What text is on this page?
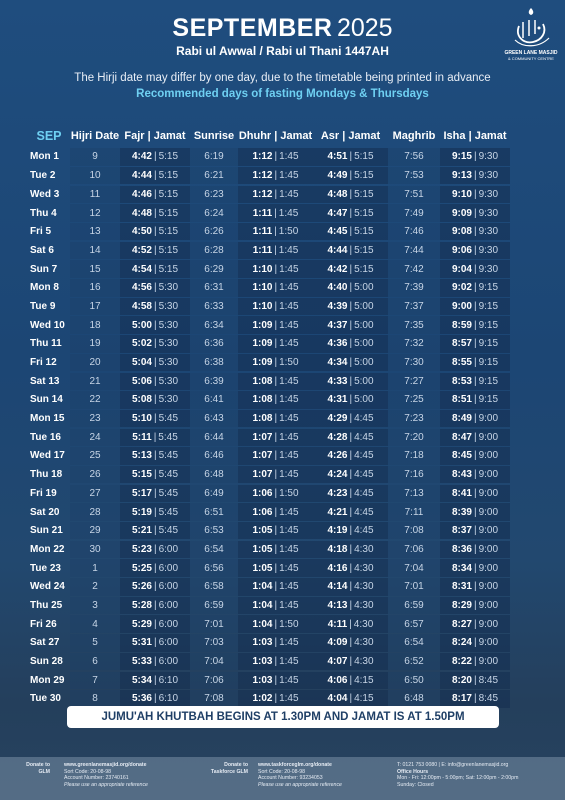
SEPTEMBER 2025
Rabi ul Awwal / Rabi ul Thani 1447AH	GREEN LANE MASJID
& COMMUNITY CENTRE
The Hirji date may differ by one day, due to the timetable being printed in advance
Recommended days of fasting Mondays & Thursdays
SEP Hijri Date Fajr | Jamat Sunrise Dhuhr | Jamat Asr | Jamat	Maghrib Isha | Jamat
Mon 1	9	4:42 | 5:15	6:19	1:12 | 1:45	4:51 | 5:15	7:56	9:15 | 9:30
Tue 2	10	4:44 | 5:15	6:21	1:12 | 1:45	4:49 | 5:15	7:53	9:13 | 9:30
Wed 3	11	4:46 | 5:15	6:23	1:12 | 1:45	4:48 | 5:15	7:51	9:10 | 9:30
Thu 4	12	4:48 | 5:15	6:24	1:11 | 1:45	4:47 | 5:15	7:49	9:09 | 9:30
Fri 5	13	4:50 | 5:15	6:26	1:11 | 1:50	4:45 | 5:15	7:46	9:08 | 9:30
Sat 6	14	4:52 | 5:15	6:28	1:11 | 1:45	4:44 | 5:15	7:44	9:06 | 9:30
Sun 7	15	4:54 | 5:15	6:29	1:10 | 1:45	4:42 | 5:15	7:42	9:04 | 9:30
Mon 8	16	4:56 | 5:30	6:31	1:10 | 1:45	4:40 | 5:00	7:39	9:02 | 9:15
Tue 9	17	4:58 | 5:30	6:33	1:10 | 1:45	4:39 | 5:00	7:37	9:00 | 9:15
Wed 10 18	5:00 | 5:30	6:34	1:09 | 1:45	4:37 | 5:00	7:35	8:59 | 9:15
Thu 11	19	5:02 | 5:30	6:36	1:09 | 1:45	4:36 | 5:00	7:32	8:57 | 9:15
Fri 12	20	5:04 | 5:30	6:38	1:09 | 1:50	4:34 | 5:00	7:30	8:55 | 9:15
Sat 13	21	5:06 | 5:30	6:39	1:08 | 1:45	4:33 | 5:00	7:27	8:53 | 9:15
Sun 14	22	5:08 | 5:30	6:41	1:08 | 1:45	4:31 | 5:00	7:25	8:51 | 9:15
Mon 15 23	5:10 | 5:45	6:43	1:08 | 1:45	4:29 | 4:45	7:23	8:49 | 9:00
Tue 16	24	5:11 | 5:45	6:44	1:07 | 1:45	4:28 | 4:45	7:20	8:47 | 9:00
Wed 17 25	5:13 | 5:45	6:46	1:07 | 1:45	4:26 | 4:45	7:18	8:45 | 9:00
Thu 18	26	5:15 | 5:45	6:48	1:07 | 1:45	4:24 | 4:45	7:16	8:43 | 9:00
Fri 19	27	5:17 | 5:45	6:49	1:06 | 1:50	4:23 | 4:45	7:13	8:41 | 9:00
Sat 20	28	5:19 | 5:45	6:51	1:06 | 1:45	4:21 | 4:45	7:11	8:39 | 9:00
Sun 21	29	5:21 | 5:45	6:53	1:05 | 1:45	4:19 | 4:45	7:08	8:37 | 9:00
Mon 22 30	5:23 | 6:00	6:54	1:05 | 1:45	4:18 | 4:30	7:06	8:36 | 9:00
Tue 23	1	5:25 | 6:00	6:56	1:05 | 1:45	4:16 | 4:30	7:04	8:34 | 9:00
Wed 24	2	5:26 | 6:00	6:58	1:04 | 1:45	4:14 | 4:30	7:01	8:31 | 9:00
Thu 25	3	5:28 | 6:00	6:59	1:04 | 1:45	4:13 | 4:30	6:59	8:29 | 9:00
Fri 26	4	5:29 | 6:00	7:01	1:04 | 1:50	4:11 | 4:30	6:57	8:27 | 9:00
Sat 27	5	5:31 | 6:00	7:03	1:03 | 1:45	4:09 | 4:30	6:54	8:24 | 9:00
Sun 28	6	5:33 | 6:00	7:04	1:03 | 1:45	4:07 | 4:30	6:52	8:22 | 9:00
Mon 29	7	5:34 | 6:10	7:06	1:03 | 1:45	4:06 | 4:15	6:50	8:20 | 8:45
Tue 30	8	5:36 | 6:10	7:08	1:02 | 1:45	4:04 | 4:15	6:48	8:17 | 8:45
JUMU'AH KHUTBAH BEGINS AT 1.30PM AND JAMAT IS AT 1.50PM
Donate to
GLM
www.greenlanemasjid.org/donate
Sort Code: 20-08-98
Account Number: 23740161
Please use an appropriate reference
Donate to
Taskforce GLM
www.taskforceglm.org/donate
Sort Code: 20-08-98
Account Number: 93234053
Please use an appropriate reference
T: 0121 753 0080 | E: info@greenlanemasjid.org
Office Hours
Mon - Fri: 12:00pm - 5:00pm; Sat: 12:00pm - 2:00pm
Sunday: Closed
